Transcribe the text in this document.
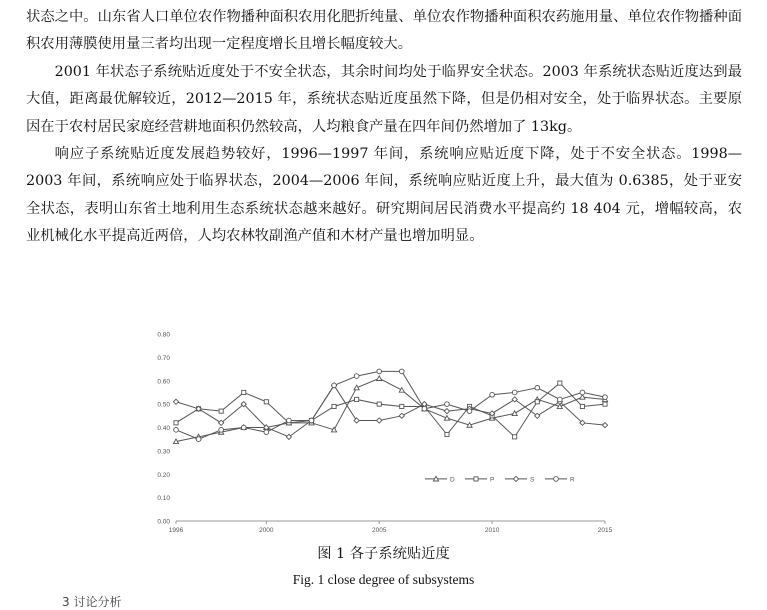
状态之中。山东省人口单位农作物播种面积农用化肥折纯量、单位农作物播种面积农药施用量、单位农作物播种面积农用薄膜使用量三者均出现一定程度增长且增长幅度较大。

2001 年状态子系统贴近度处于不安全状态，其余时间均处于临界安全状态。2003 年系统状态贴近度达到最大值，距离最优解较近，2012—2015 年，系统状态贴近度虽然下降，但是仍相对安全，处于临界状态。主要原因在于农村居民家庭经营耕地面积仍然较高，人均粮食产量在四年间仍然增加了 13kg。

响应子系统贴近度发展趋势较好，1996—1997 年间，系统响应贴近度下降，处于不安全状态。1998—2003 年间，系统响应处于临界状态，2004—2006 年间，系统响应贴近度上升，最大值为 0.6385，处于亚安全状态，表明山东省土地利用生态系统状态越来越好。研究期间居民消费水平提高约 18 404 元，增幅较高，农业机械化水平提高近两倍，人均农林牧副渔产值和木材产量也增加明显。

0.00
0.10
0.20
0.30
0.40
0.50
0.60
0.70
0.80
1996	2000	2005	2010	2015
D	P	S	R
图 1 各子系统贴近度
Fig. 1 close degree of subsystems
3 讨论分析
